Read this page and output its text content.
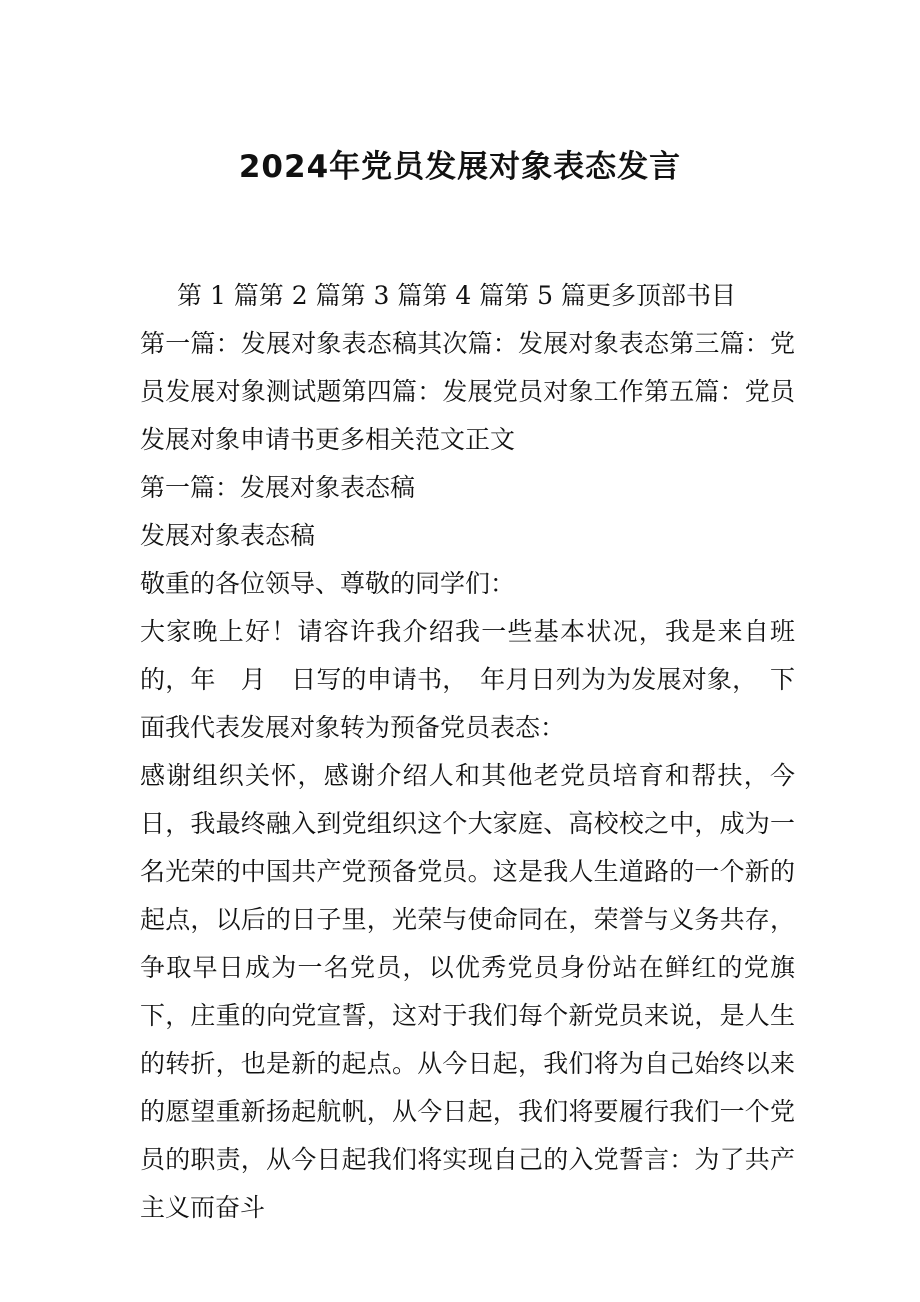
2024年党员发展对象表态发言

第 1 篇第 2 篇第 3 篇第 4 篇第 5 篇更多顶部书目

第一篇：发展对象表态稿其次篇：发展对象表态第三篇：党员发展对象测试题第四篇：发展党员对象工作第五篇：党员发展对象申请书更多相关范文正文

第一篇：发展对象表态稿

发展对象表态稿

敬重的各位领导、尊敬的同学们：

大家晚上好！请容许我介绍我一些基本状况，我是来自班的，年　月　日写的申请书，　年月日列为为发展对象，　下面我代表发展对象转为预备党员表态：

感谢组织关怀，感谢介绍人和其他老党员培育和帮扶，今日，我最终融入到党组织这个大家庭、高校校之中，成为一名光荣的中国共产党预备党员。这是我人生道路的一个新的起点，以后的日子里，光荣与使命同在，荣誉与义务共存，争取早日成为一名党员，以优秀党员身份站在鲜红的党旗下，庄重的向党宣誓，这对于我们每个新党员来说，是人生的转折，也是新的起点。从今日起，我们将为自己始终以来的愿望重新扬起航帆，从今日起，我们将要履行我们一个党员的职责，从今日起我们将实现自己的入党誓言：为了共产主义而奋斗
